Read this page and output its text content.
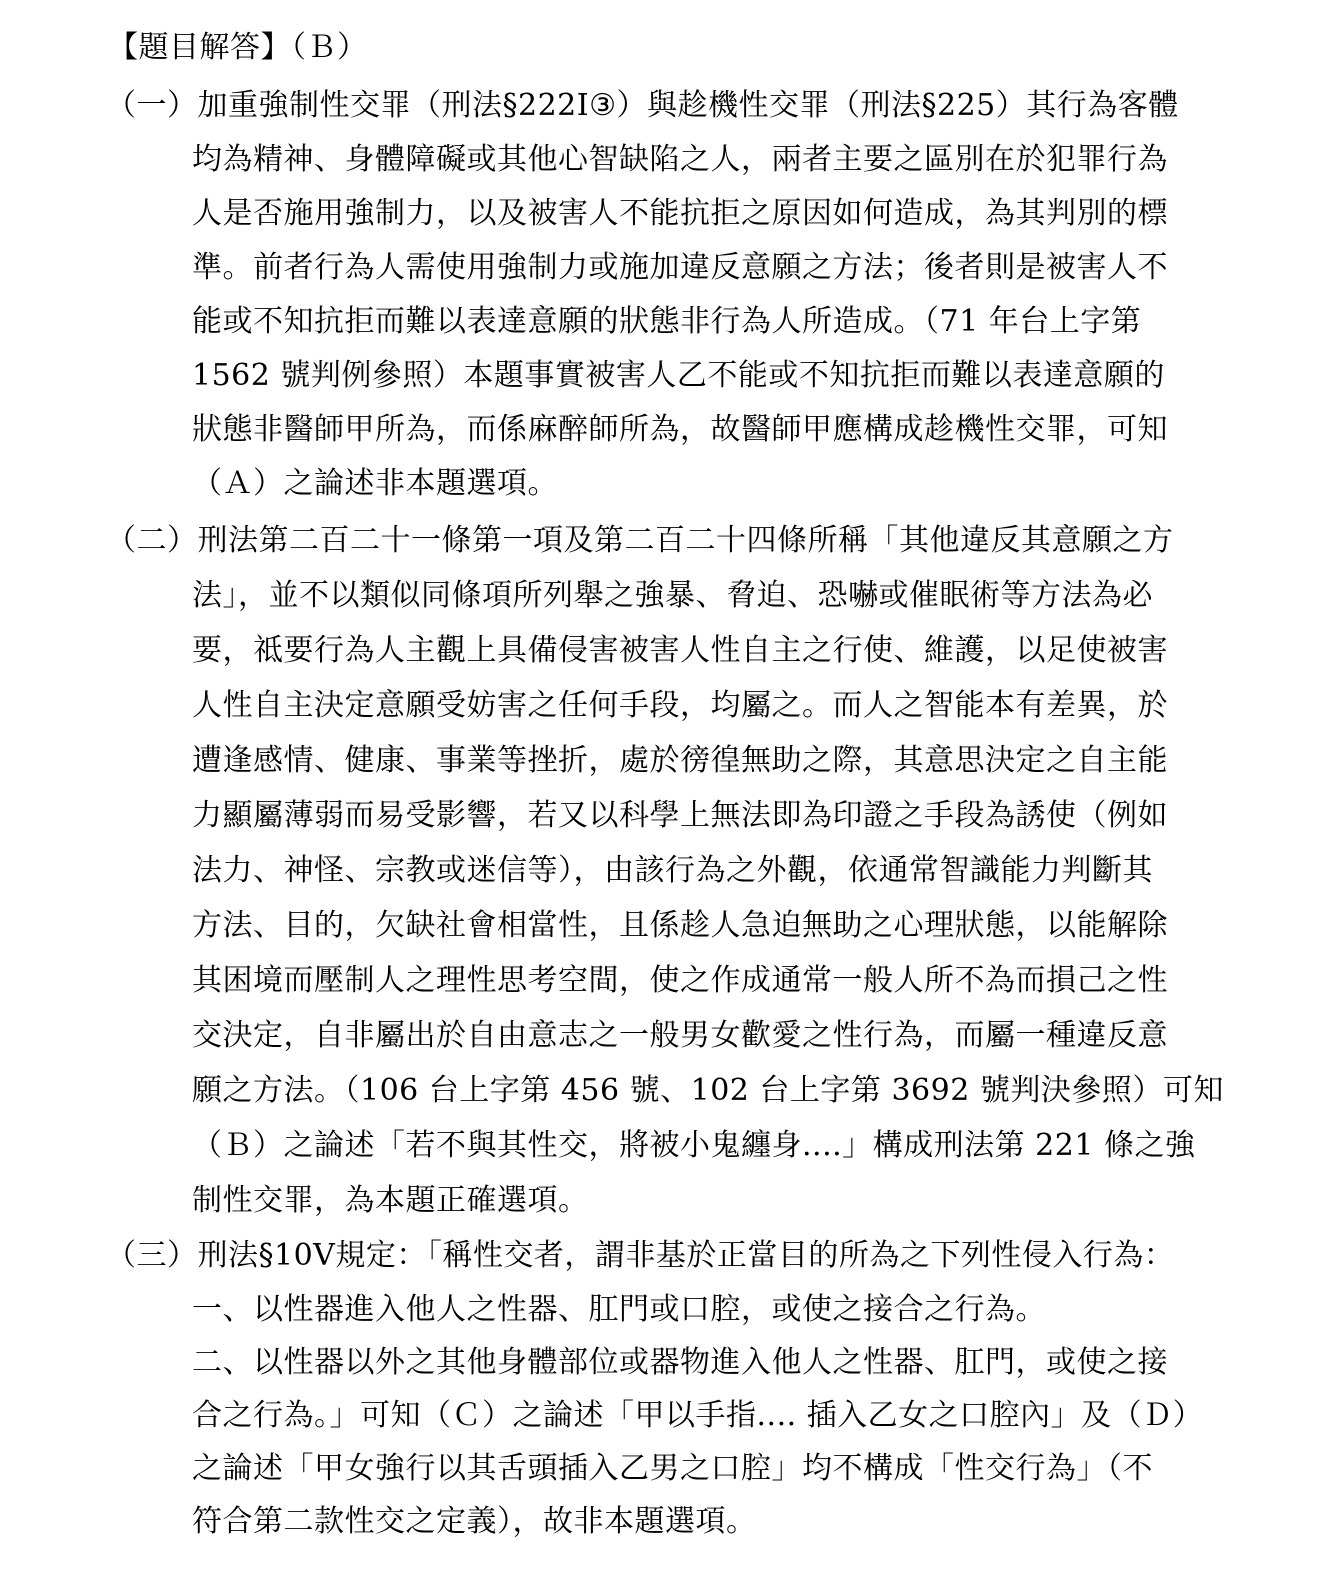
【題目解答】（Ｂ）
（一）加重強制性交罪（刑法§222Ⅰ③）與趁機性交罪（刑法§225）其行為客體
均為精神、身體障礙或其他心智缺陷之人，兩者主要之區別在於犯罪行為
人是否施用強制力，以及被害人不能抗拒之原因如何造成，為其判別的標
準。前者行為人需使用強制力或施加違反意願之方法；後者則是被害人不
能或不知抗拒而難以表達意願的狀態非行為人所造成。（71 年台上字第
1562 號判例參照）本題事實被害人乙不能或不知抗拒而難以表達意願的
狀態非醫師甲所為，而係麻醉師所為，故醫師甲應構成趁機性交罪，可知
（Ａ）之論述非本題選項。
（二）刑法第二百二十一條第一項及第二百二十四條所稱「其他違反其意願之方
法」，並不以類似同條項所列舉之強暴、脅迫、恐嚇或催眠術等方法為必
要，祗要行為人主觀上具備侵害被害人性自主之行使、維護，以足使被害
人性自主決定意願受妨害之任何手段，均屬之。而人之智能本有差異，於
遭逢感情、健康、事業等挫折，處於徬徨無助之際，其意思決定之自主能
力顯屬薄弱而易受影響，若又以科學上無法即為印證之手段為誘使（例如
法力、神怪、宗教或迷信等），由該行為之外觀，依通常智識能力判斷其
方法、目的，欠缺社會相當性，且係趁人急迫無助之心理狀態，以能解除
其困境而壓制人之理性思考空間，使之作成通常一般人所不為而損己之性
交決定，自非屬出於自由意志之一般男女歡愛之性行為，而屬一種違反意
願之方法。（106 台上字第 456 號、102 台上字第 3692 號判決參照）可知
（Ｂ）之論述「若不與其性交，將被小鬼纏身....」構成刑法第 221 條之強
制性交罪，為本題正確選項。
（三）刑法§10Ⅴ規定：「稱性交者，謂非基於正當目的所為之下列性侵入行為：
一、以性器進入他人之性器、肛門或口腔，或使之接合之行為。
二、以性器以外之其他身體部位或器物進入他人之性器、肛門，或使之接
合之行為。」可知（Ｃ）之論述「甲以手指.... 插入乙女之口腔內」及（Ｄ）
之論述「甲女強行以其舌頭插入乙男之口腔」均不構成「性交行為」（不
符合第二款性交之定義），故非本題選項。
